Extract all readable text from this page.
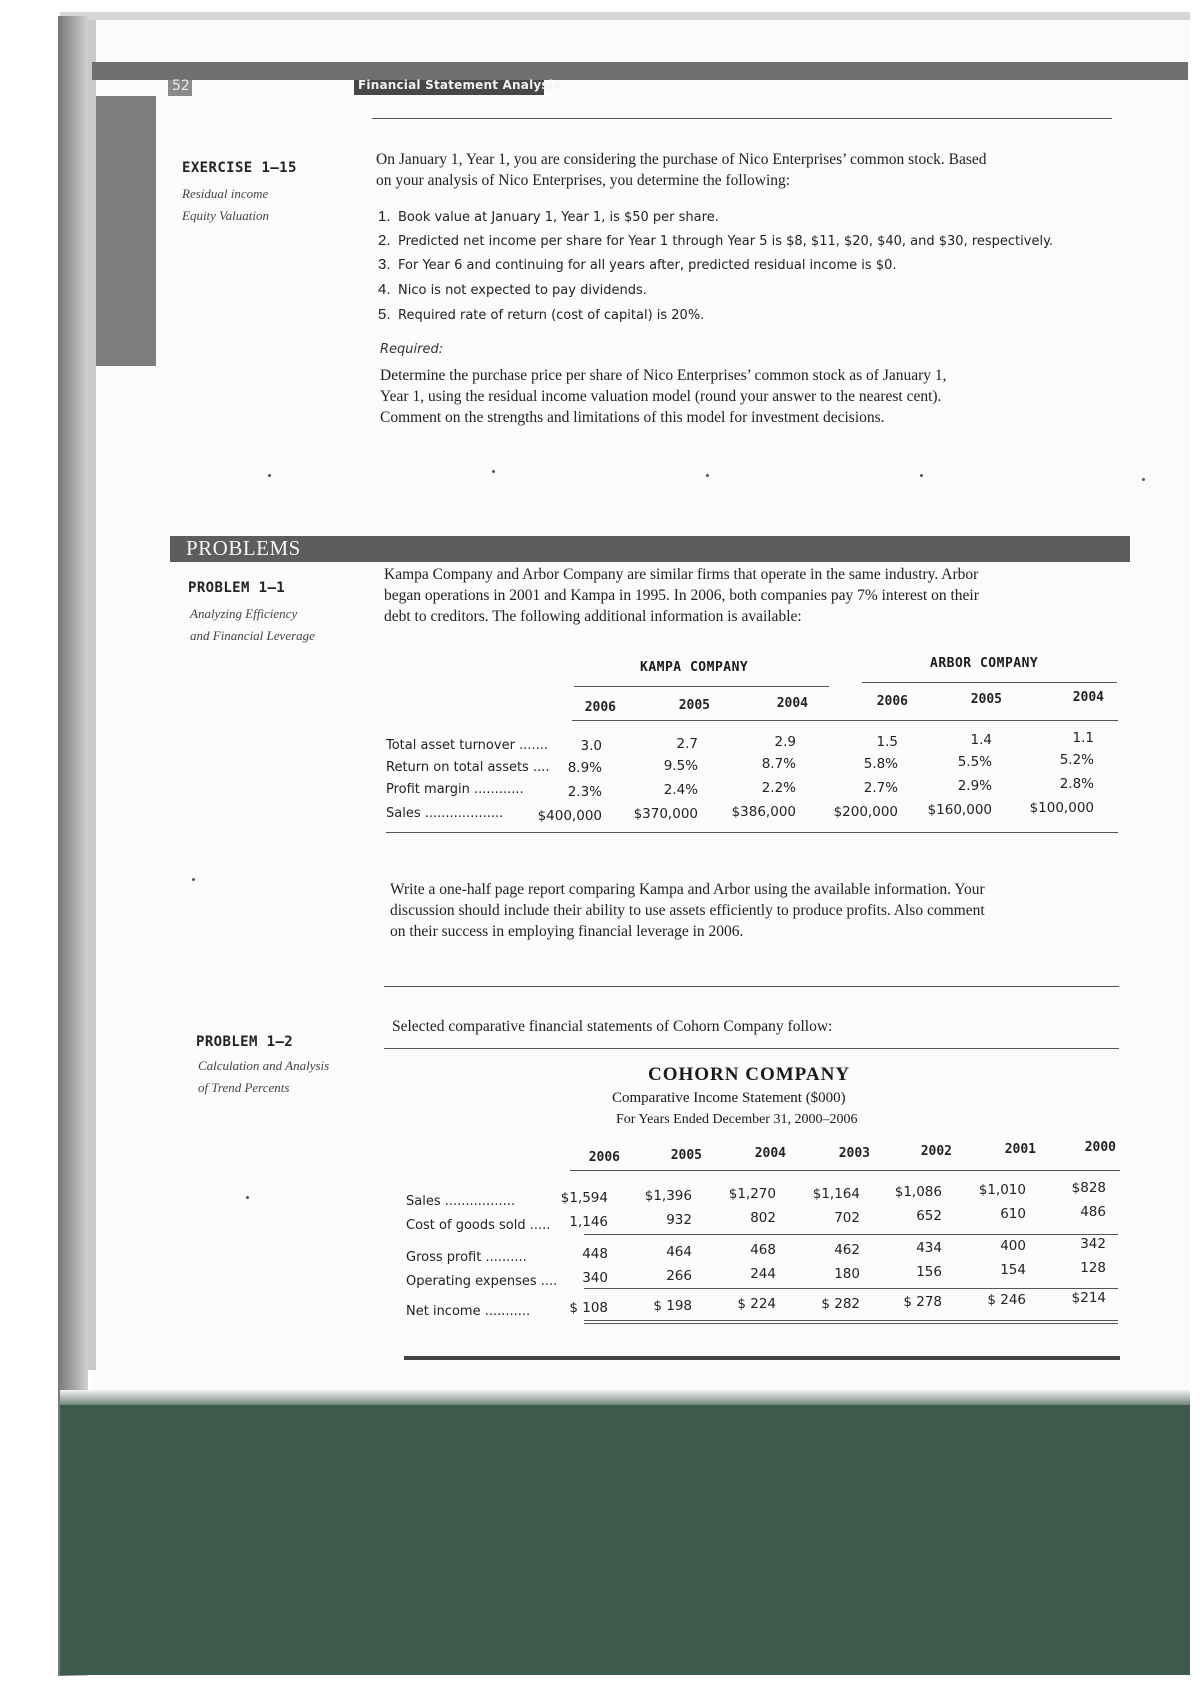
52	Financial Statement Analysis
EXERCISE 1–15
Residual income
Equity Valuation
On January 1, Year 1, you are considering the purchase of Nico Enterprises’ common stock. Based
on your analysis of Nico Enterprises, you determine the following:
1. Book value at January 1, Year 1, is $50 per share.
2. Predicted net income per share for Year 1 through Year 5 is $8, $11, $20, $40, and $30, respectively.
3. For Year 6 and continuing for all years after, predicted residual income is $0.
4. Nico is not expected to pay dividends.
5. Required rate of return (cost of capital) is 20%.
Required:
Determine the purchase price per share of Nico Enterprises’ common stock as of January 1,
Year 1, using the residual income valuation model (round your answer to the nearest cent).
Comment on the strengths and limitations of this model for investment decisions.
PROBLEMS
PROBLEM 1–1
Analyzing Efficiency
and Financial Leverage
Kampa Company and Arbor Company are similar firms that operate in the same industry. Arbor
began operations in 2001 and Kampa in 1995. In 2006, both companies pay 7% interest on their
debt to creditors. The following additional information is available:
KAMPA COMPANY	ARBOR COMPANY
2006	2005	2004	2006	2005	2004
Total asset turnover .......	3.0	2.7	2.9	1.5	1.4	1.1
Return on total assets ....	8.9%	9.5%	8.7%	5.8%	5.5%	5.2%
Profit margin ............	2.3%	2.4%	2.2%	2.7%	2.9%	2.8%
Sales ...................	$400,000	$370,000	$386,000	$200,000	$160,000	$100,000
Write a one-half page report comparing Kampa and Arbor using the available information. Your
discussion should include their ability to use assets efficiently to produce profits. Also comment
on their success in employing financial leverage in 2006.
PROBLEM 1–2
Calculation and Analysis
of Trend Percents
Selected comparative financial statements of Cohorn Company follow:
COHORN COMPANY
Comparative Income Statement ($000)
For Years Ended December 31, 2000–2006
2006	2005	2004	2003	2002	2001	2000
Sales .................	$1,594	$1,396	$1,270	$1,164	$1,086	$1,010	$828
Cost of goods sold .....	1,146	932	802	702	652	610	486
Gross profit ..........	448	464	468	462	434	400	342
Operating expenses ....	340	266	244	180	156	154	128
Net income ...........	$ 108	$ 198	$ 224	$ 282	$ 278	$ 246	$214
